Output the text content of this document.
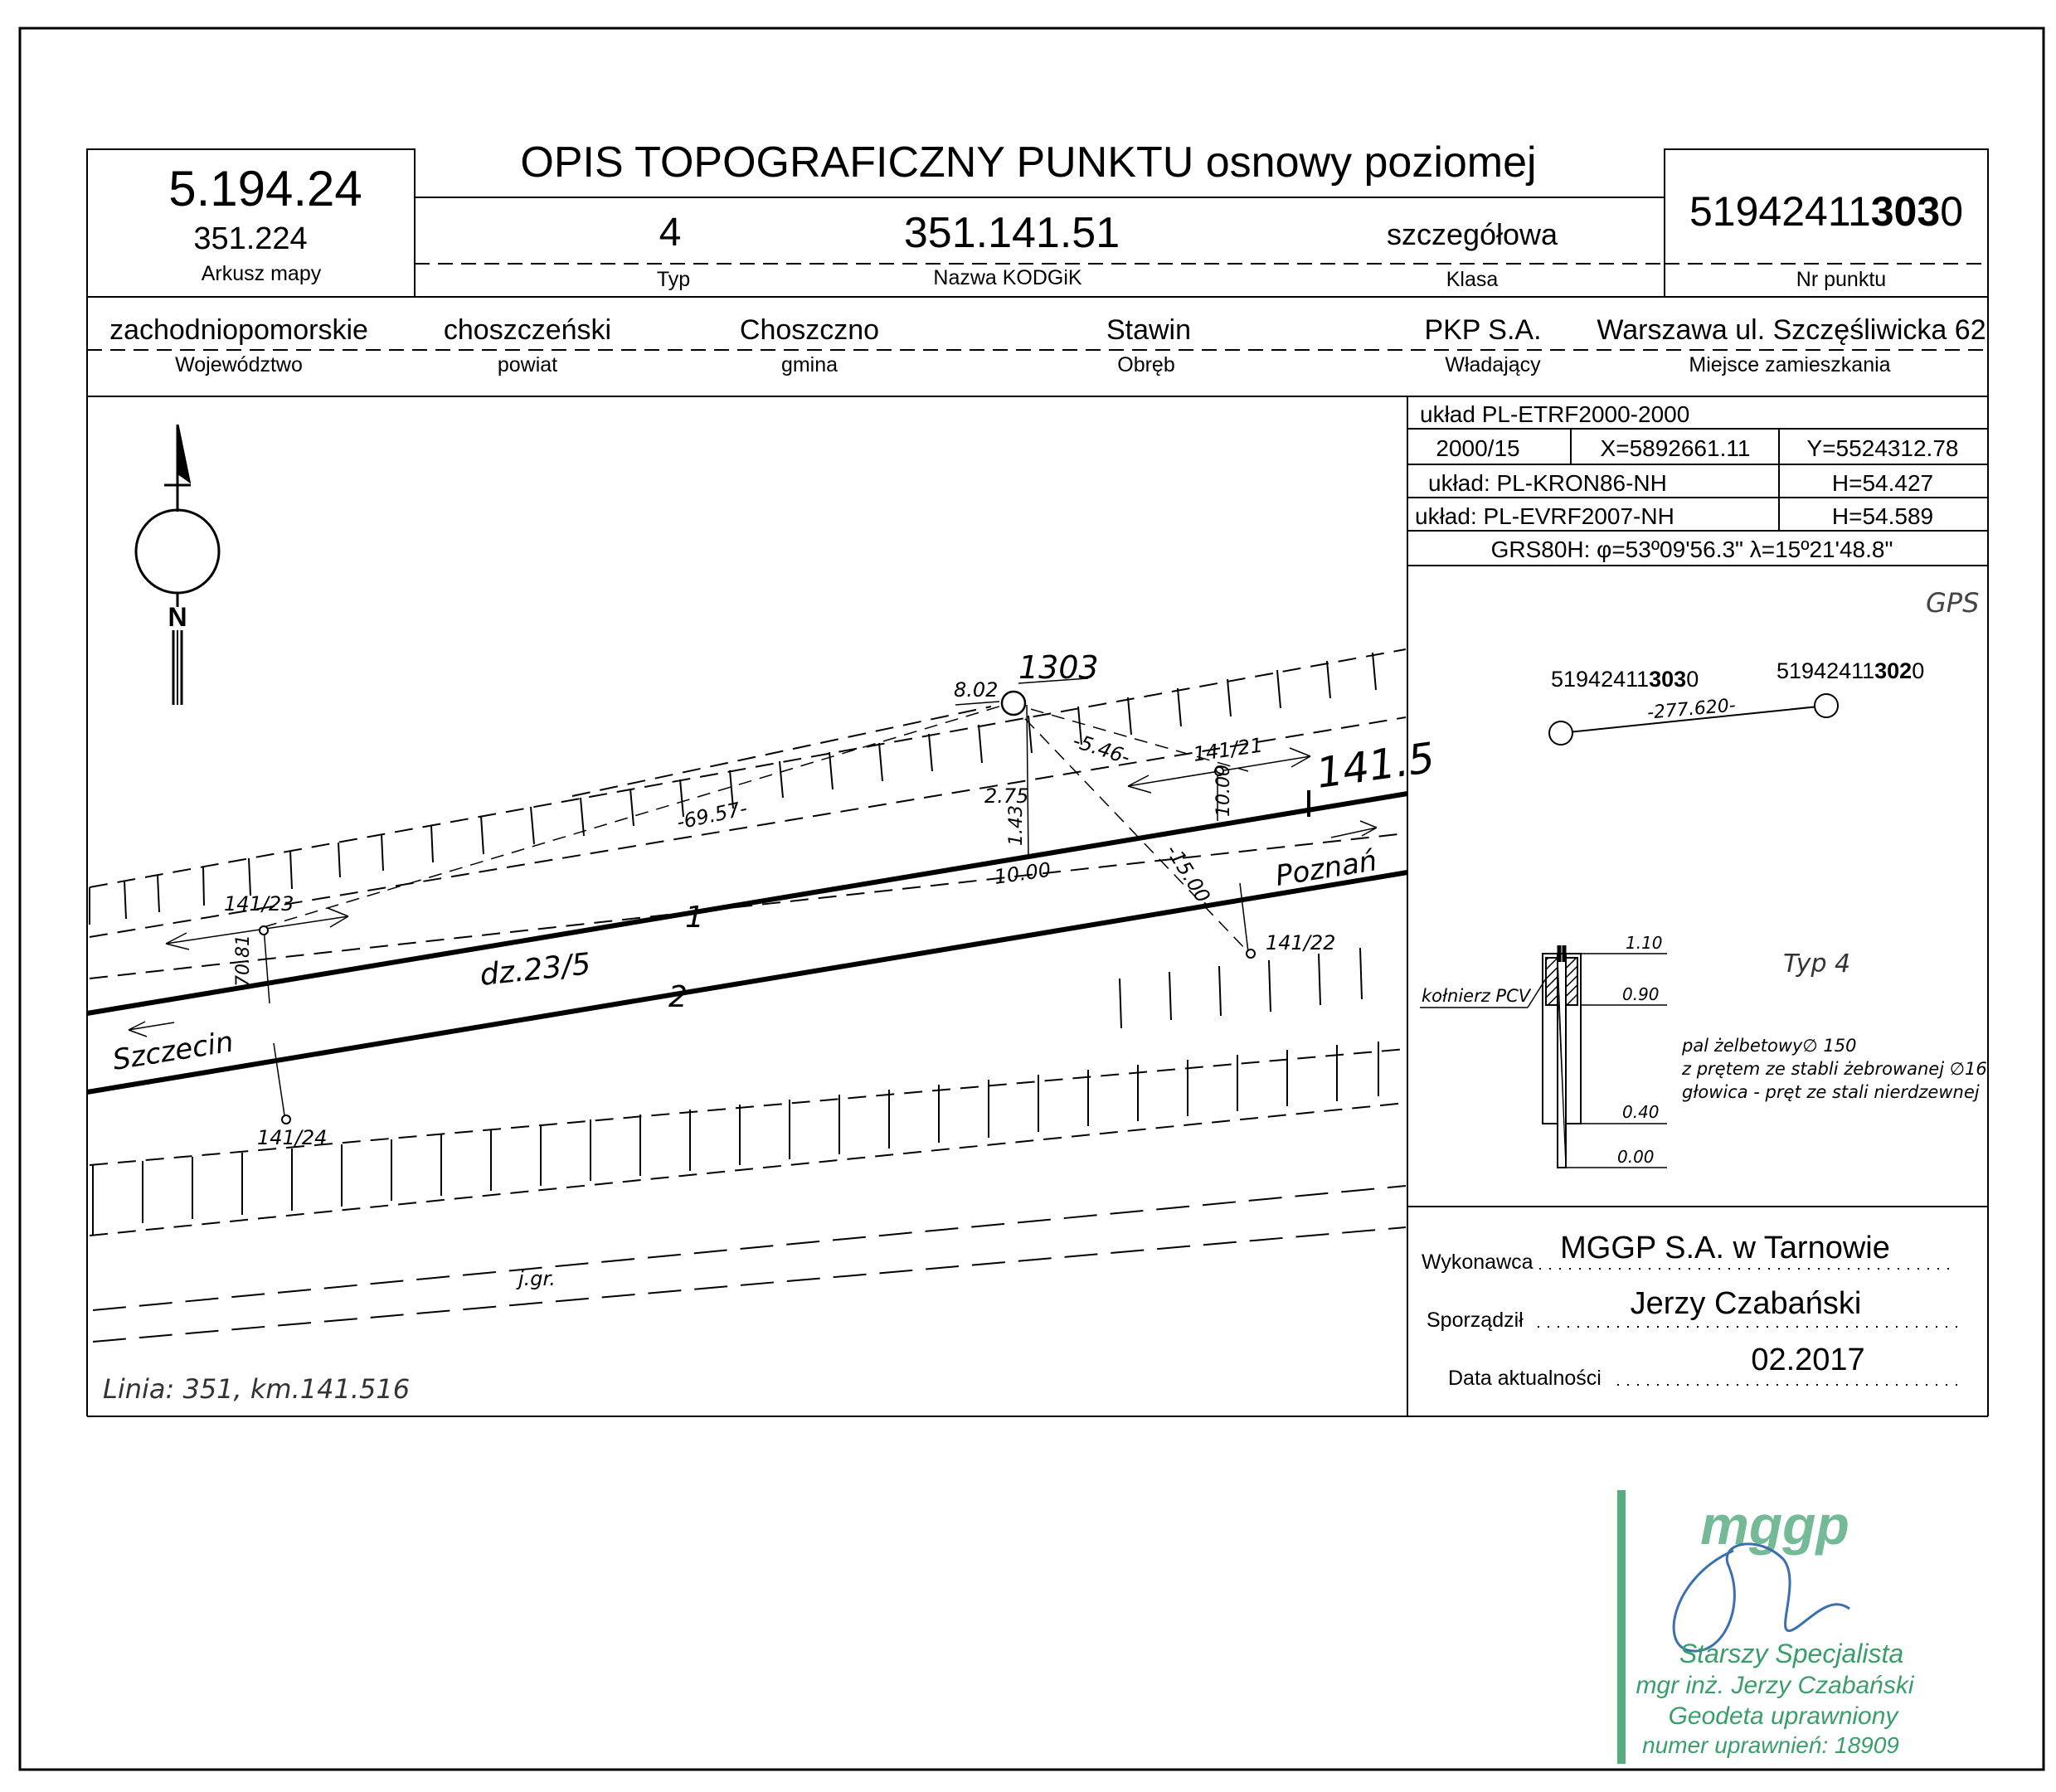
OPIS TOPOGRAFICZNY PUNKTU osnowy poziomej
5.194.24
351.224
Arkusz mapy
4
Typ
351.141.51
Nazwa KODGiK
szczegółowa
Klasa
519424113030
Nr punktu
zachodniopomorskie
Województwo
choszczeński
powiat
Choszczno
gmina
Stawin
Obręb
PKP S.A.
Władający
Warszawa ul. Szczęśliwicka 62
Miejsce zamieszkania
układ PL-ETRF2000-2000
2000/15	X=5892661.11 Y=5524312.78
układ: PL-KRON86-NH	H=54.427
układ: PL-EVRF2007-NH	H=54.589
GRS80H: φ=53º09'56.3" λ=15º21'48.8"
GPS
519424113030	519424113020
-277.620-
1.10
0.90
0.40
0.00
kołnierz PCV
Typ 4
pal żelbetowy∅ 150
z prętem ze stabli żebrowanej ∅16
głowica - pręt ze stali nierdzewnej
Wykonawca MGGP S.A. w Tarnowie
Sporządził	Jerzy Czabański
Data aktualności
02.2017
N
1303
141.5
1
2
dz.23/5
Szczecin
Poznań
141/23
141/24
141/21
141/22
8.02
-5.46-
-69.57-
2.75
1.43
10.00
10.00
-15.00-
70.81
j.gr.
Linia: 351, km.141.516
mggp
Starszy Specjalista
mgr inż. Jerzy Czabański
Geodeta uprawniony
numer uprawnień: 18909
